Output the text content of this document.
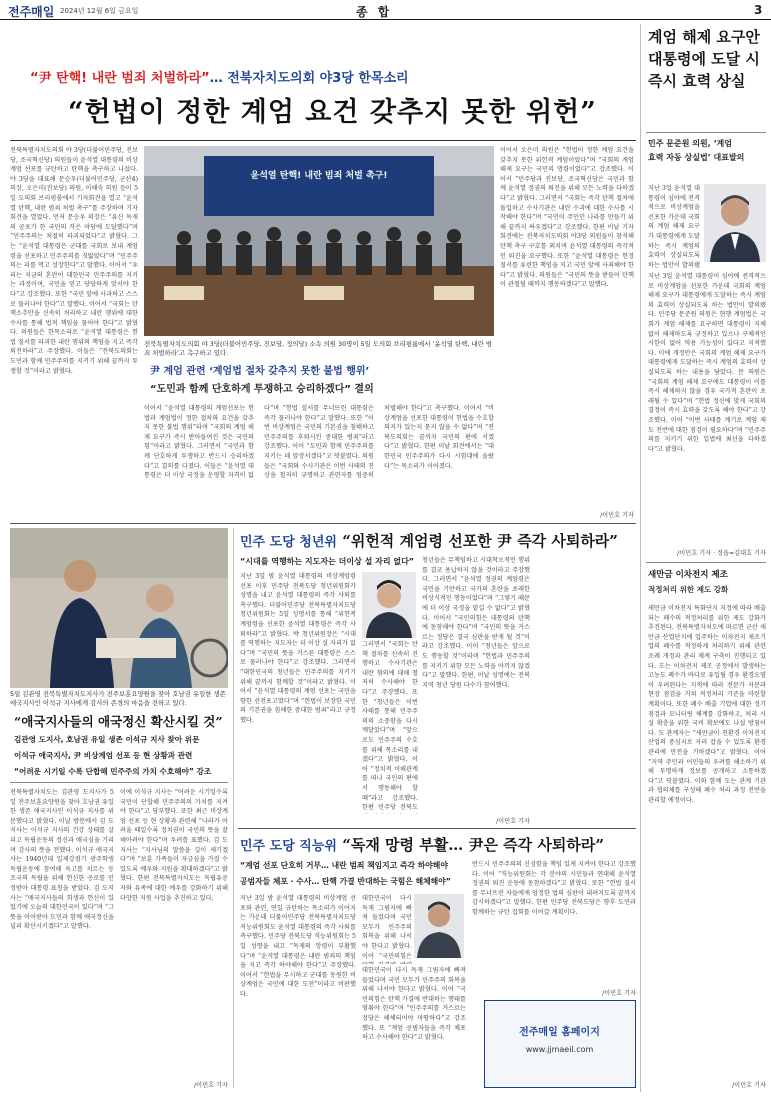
전주매일 2024년 12월 6일 금요일	종 합	3
“尹 탄핵! 내란 범죄 처벌하라”… 전북자치도의회 야3당 한목소리
“헌법이 정한 계엄 요건 갖추지 못한 위헌”
전북특별자치도의회 야 3당(더불어민주당, 진보당, 조국혁신당) 의원들이 윤석열 대통령의 비상계엄 선포를 규탄하고 탄핵을 촉구하고 나섰다. 야 3당을 대표해 문승우(더불어민주당, 군산4) 의장, 오은미(진보당) 의원, 이해숙 의원 등이 5일 도의회 브리핑룸에서 기자회견을 열고 “윤석열 탄핵, 내란 범죄 처벌 촉구”를 주장하며 기자회견을 열었다. 먼저 문승우 의장은 “유신 독재의 공포가 한 국민의 작은 마당에 도달했다”며 “민주주의는 처절히 파괴되었다”고 밝혔다. 그는 “윤석열 대통령은 군대를 국회로 보내 계엄령을 선포하고 민주주의를 짓밟았다”며 “민주주의는 피를 먹고 성장한다”고 말했다. 이어서 “우리는 지금의 혼란이 대한민국 민주주의를 지키는 과정이며, 국민을 믿고 당당하게 맞서야 한다”고 강조했다. 또한 “국민 앞에 사과하고 스스로 물러나야 한다”고 말했다. 이어서 “국회는 탄핵소추안을 신속히 처리하고 내란 행위에 대한 수사를 통해 법적 책임을 물어야 한다”고 밝혔다. 의원들은 한목소리로 “윤석열 대통령은 헌법 질서를 파괴한 내란 행위의 책임을 지고 즉각 퇴진하라”고 주장했다. 이들은 “전북도의회는 도민과 함께 민주주의를 지키기 위해 끝까지 투쟁할 것”이라고 밝혔다.
윤석열 탄핵! 내란 범죄 처벌 촉구!
전북특별자치도의회 야 3당(더불어민주당, 진보당, 정의당) 소속 의원 30명이 5일 도의회 브리핑룸에서 ‘윤석열 탄핵, 내란 범죄 처벌하라’고 촉구하고 있다.
이어서 오은미 의원은 “헌법이 정한 계엄 요건을 갖추지 못한 위헌적 계엄이었다”며 “국회의 계엄 해제 요구는 국민의 명령이었다”고 강조했다. 이어서 “민주당과 진보당, 조국혁신당은 국민과 함께 윤석열 정권의 퇴진을 위해 모든 노력을 다하겠다”고 밝혔다. 그러면서 “국회는 즉각 탄핵 절차에 돌입하고 수사기관은 내란 수괴에 대한 수사를 시작해야 한다”며 “국민이 주인인 나라를 만들기 위해 끝까지 싸우겠다”고 강조했다. 한편 이날 기자회견에는 전북자치도의회 야3당 의원들이 참석해 탄핵 촉구 구호를 외치며 윤석열 대통령의 즉각적인 퇴진을 요구했다. 또한 “윤석열 대통령은 헌정 질서를 유린한 책임을 지고 국민 앞에 사죄해야 한다”고 밝혔다. 의원들은 “국민의 뜻을 받들어 탄핵이 관철될 때까지 행동하겠다”고 말했다.
/이민호 기자
尹 계엄 관련 ‘계엄법 절차 갖추지 못한 불법 행위’
“도민과 함께 단호하게 투쟁하고 승리하겠다” 결의
이어서 “윤석열 대통령의 계엄선포는 헌법과 계엄법이 정한 절차와 요건을 갖추지 못한 불법 행위”라며 “국회의 계엄 해제 요구가 즉시 받아들여진 것은 국민의 힘”이라고 밝혔다. 그러면서 “국민과 함께 단호하게 투쟁하고 반드시 승리하겠다”고 결의를 다졌다. 이들은 “윤석열 대통령은 더 이상 국정을 운영할 자격이 없다”며 “헌법 질서를 무너뜨린 대통령은 즉각 물러나야 한다”고 말했다. 또한 “이번 비상계엄은 국민의 기본권을 침해하고 민주주의를 후퇴시킨 중대한 범죄”라고 강조했다. 이어 “도민과 함께 민주주의를 지키는 데 앞장서겠다”고 덧붙였다. 의원들은 “국회와 수사기관은 이번 사태의 진상을 철저히 규명하고 관련자를 엄중히 처벌해야 한다”고 촉구했다. 이어서 “비상계엄을 선포한 대통령이 헌법을 수호할 의지가 있는지 묻지 않을 수 없다”며 “전북도의회는 끝까지 국민의 편에 서겠다”고 밝혔다. 한편 이날 회견에서는 “대한민국 민주주의가 다시 시험대에 올랐다”는 목소리가 이어졌다.
계엄 해제 요구안 대통령에 도달 시 즉시 효력 상실
민주 문준원 의원, ‘계엄
효력 자동 상실법’ 대표발의
지난 3일 윤석열 대통령이 심야에 전격적으로 비상계엄을 선포한 가운데 국회의 계엄 해제 요구가 대통령에게 도달하는 즉시 계엄의 효력이 상실되도록 하는 법안이 발의됐
지난 3일 윤석열 대통령이 심야에 전격적으로 비상계엄을 선포한 가운데 국회의 계엄 해제 요구가 대통령에게 도달하는 즉시 계엄의 효력이 상실되도록 하는 법안이 발의됐다. 민주당 문준원 의원은 현행 계엄법은 국회가 계엄 해제를 요구하면 대통령이 지체 없이 해제하도록 규정하고 있으나 구체적인 시한이 없어 악용 가능성이 있다고 지적했다. 이에 개정안은 국회의 계엄 해제 요구가 대통령에게 도달하는 즉시 계엄의 효력이 상실되도록 하는 내용을 담았다. 문 의원은 “국회의 계엄 해제 요구에도 대통령이 이를 즉시 해제하지 않을 경우 국가적 혼란이 초래될 수 있다”며 “헌법 정신에 맞게 국회의 결정이 즉시 효력을 갖도록 해야 한다”고 강조했다. 이어 “이번 사태를 계기로 계엄 제도 전반에 대한 점검이 필요하다”며 “민주주의를 지키기 위한 입법에 최선을 다하겠다”고 밝혔다.
/이민호 기자 · 정읍=김대호 기자
새만금 이차전지 제조
적정처리 위한 제도 강화
새만금 이차전지 특화단지 지정에 따라 배출되는 폐수의 적정처리를 위한 제도 강화가 추진된다. 전북특별자치도에 따르면 군산 새만금 산업단지에 입주하는 이차전지 제조기업의 폐수를 적정하게 처리하기 위해 관련 조례 개정과 관리 체계 구축이 진행되고 있다. 도는 이차전지 제조 공정에서 발생하는 고농도 폐수가 바다로 유입될 경우 환경오염이 우려된다는 지적에 따라 전문가 자문과 현장 점검을 거쳐 적정처리 기준을 마련할 계획이다. 또한 폐수 배출 기업에 대한 정기 점검과 모니터링 체계를 강화하고, 처리 시설 확충을 위한 국비 확보에도 나설 방침이다. 도 관계자는 “새만금이 친환경 이차전지 산업의 중심지로 자리 잡을 수 있도록 환경 관리에 만전을 기하겠다”고 밝혔다. 이어 “지역 주민과 어민들의 우려를 해소하기 위해 투명하게 정보를 공개하고 소통하겠다”고 덧붙였다. 이와 함께 도는 관계 기관과 협의체를 구성해 폐수 처리 과정 전반을 관리할 예정이다.
/이민호 기자
5일 김관영 전북특별자치도지사가 전주보훈요양원을 찾아 호남권 유일한 생존 애국지사인 이석규 지사에게 감사의 존경의 마음을 전하고 있다.
“애국지사들의 애국정신 확산시킬 것”
김관영 도지사, 호남권 유일 생존 이석규 지사 찾아 위문
이석규 애국지사, 尹 비상계엄 선포 등 현 상황과 관련
“어려운 시기일 수록 단합해 민주주의 가치 수호해야” 강조
전북특별자치도는 김관영 도지사가 5일 전주보훈요양원을 찾아 호남권 유일한 생존 애국지사인 이석규 지사를 위문했다고 밝혔다. 이날 방문에서 김 도지사는 이석규 지사의 건강 상태를 살피고 독립운동의 정신과 애국심을 기리며 감사의 뜻을 전했다. 이석규 애국지사는 1940년대 일제강점기 광주학생 독립운동에 참여해 옥고를 치르는 등 조국의 독립을 위해 헌신한 공로를 인정받아 대통령 표창을 받았다. 김 도지사는 “애국지사들의 희생과 헌신이 있었기에 오늘의 대한민국이 있다”며 “그 뜻을 이어받아 도민과 함께 애국정신을 널리 확산시키겠다”고 말했다.
이에 이석규 지사는 “어려운 시기일수록 국민이 단합해 민주주의의 가치를 지켜야 한다”고 당부했다. 또한 최근 비상계엄 선포 등 현 상황과 관련해 “나라가 어려울 때일수록 정치권이 국민의 뜻을 잘 헤아려야 한다”며 우려를 표했다. 김 도지사는 “지사님의 말씀을 깊이 새기겠다”며 “보훈 가족들이 자긍심을 가질 수 있도록 예우와 지원을 확대하겠다”고 밝혔다. 한편 전북특별자치도는 독립유공자와 유족에 대한 예우를 강화하기 위해 다양한 지원 사업을 추진하고 있다.
/이민호 기자
민주 도당 청년위 “위헌적 계엄령 선포한 尹 즉각 사퇴하라”
“시대를 역행하는 지도자는 더이상 설 자리 없다”
지난 3일 밤 윤석열 대통령의 비상계엄령 선포 이후 민주당 전북도당 청년위원회가 성명을 내고 윤석열 대통령의 즉각 사퇴를 촉구했다. 더불어민주당 전북특별자치도당 청년위원회는 5일 성명서를 통해 “위헌적 계엄령을 선포한 윤석열 대통령은 즉각 사퇴하라”고 밝혔다. 박 청년위원장은 “시대를 역행하는 지도자는 더 이상 설 자리가 없다”며 “국민의 뜻을 거스른 대통령은 스스로 물러나야 한다”고 강조했다. 그러면서 “대한민국의 청년들은 민주주의를 지키기 위해 끝까지 함께할 것”이라고 밝혔다. 이어서 “윤석열 대통령의 계엄 선포는 국민을 향한 선전포고였다”며 “헌법이 보장한 국민의 기본권을 침해한 중대한 범죄”라고 규정했다.
그러면서 “국회는 탄핵 절차를 신속히 진행하고 수사기관은 내란 혐의에 대해 철저히 수사해야 한다”고 주장했다. 또한 “청년들은 이번 사태를 통해 민주주의의 소중함을 다시 깨달았다”며 “앞으로도 민주주의 수호를 위해 목소리를 내겠다”고 밝혔다. 이어 “정치적 이해관계를 떠나 국민의 편에서 행동해야 할 때”라고 강조했다. 한편 민주당 전북도
청년들은 무책임하고 시대착오적인 행위를 결코 용납하지 않을 것이라고 주장했다. 그러면서 “윤석열 정권의 계엄령은 국민을 기만하고 국가의 혼란을 초래한 비상식적인 행동이었다”며 “그렇기 때문에 더 이상 국정을 맡길 수 없다”고 밝혔다. 이어서 “국민의힘은 대통령의 탄핵에 동참해야 한다”며 “국민의 뜻을 거스르는 정당은 결국 심판을 받게 될 것”이라고 강조했다. 이어 “청년들은 앞으로도 행동할 것”이라며 “헌법과 민주주의를 지키기 위한 모든 노력을 아끼지 않겠다”고 말했다. 한편, 이날 성명에는 전북지역 청년 당원 다수가 참여했다.
/이민호 기자
민주 도당 직능위 “독재 망령 부활… 尹은 즉각 사퇴하라”
“계엄 선포 단호히 거부… 내란 범죄 책임지고 즉각 하야해야
공범자들 체포 · 수사… 탄핵 가결 반대하는 국힘은 해체해야”
지난 3일 밤 윤석열 대통령의 비상계엄 선포와 관련, 연일 규탄하는 목소리가 이어지는 가운데 더불어민주당 전북특별자치도당 직능위원회도 윤석열 대통령의 즉각 사퇴를 촉구했다. 민주당 전북도당 직능위원회는 5일 성명을 내고 “독재의 망령이 부활했다”며 “윤석열 대통령은 내란 범죄의 책임을 지고 즉각 하야해야 한다”고 주장했다. 이어서 “헌법을 무시하고 군대를 동원한 비상계엄은 국민에 대한 도전”이라고 비판했다.
대한민국이 다시 독재 그림자에 빠져 들었다며 국민 모두가 민주주의 회복을 위해 나서야 한다고 밝혔다. 이어 “국민의힘은
대한민국이 다시 독재 그림자에 빠져 들었다며 국민 모두가 민주주의 회복을 위해 나서야 한다고 밝혔다. 이어 “국민의힘은 탄핵 가결에 반대하는 행태를 멈춰야 한다”며 “민주주의를 거스르는 정당은 해체되어야 마땅하다”고 강조했다. 또 “계엄 공범자들을 즉각 체포하고 수사해야 한다”고 밝혔다.
반드시 민주주의의 신성함을 책임 있게 지켜야 한다고 강조했다. 이어 “직능위원회는 각 분야의 시민들과 연대해 윤석열 정권의 퇴진 운동에 동참하겠다”고 밝혔다. 또한 “헌법 질서를 무너뜨린 자들에게 엄정한 법의 심판이 내려지도록 끝까지 감시하겠다”고 말했다. 한편 민주당 전북도당은 향후 도민과 함께하는 규탄 집회를 이어갈 계획이다.
/이민호 기자
전주매일 홈페이지
www.jjmaeil.com
